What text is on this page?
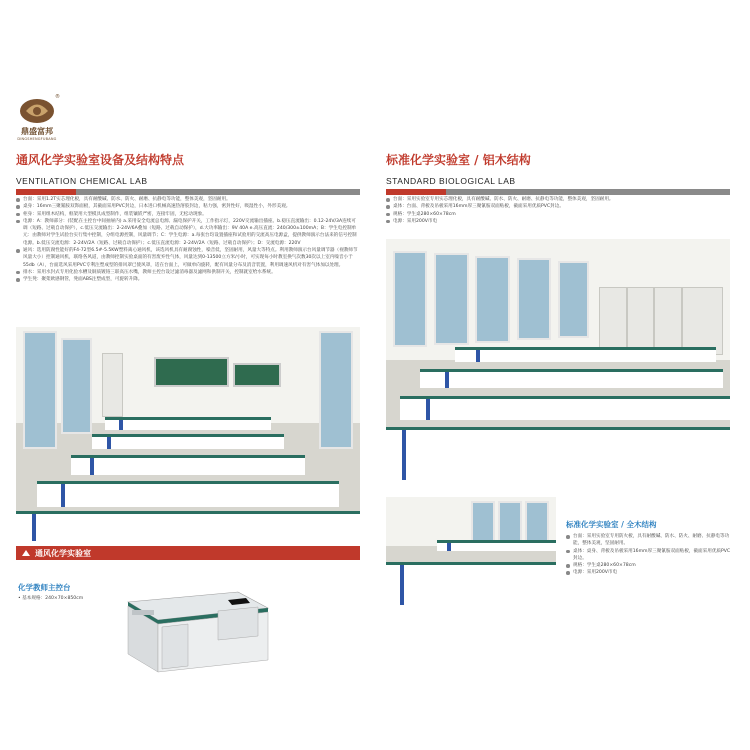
®
鼎盛富邦
DINGSHENGFUBANG
通风化学实验室设备及结构特点
VENTILATION CHEMICAL LAB
台面：采用1.2T实芯理化板，具有耐酸碱、防水、防火、耐磨、抗静电等功能，整体美观，坚固耐用。
桌身：16mm三聚氰胺双饰面板，其截面采用PVC封边，日本进口机械高速热溶胶封边，粘力强，密封性好，吸湿性小，外形美观。
柜身：采用组木结构，框架用大型模具成型制作，组装镶嵌严密，连接牢固，无松动现象。
电源：A：教师部分：(装配在主控台中间抽屉内) a.采用安全电流总电源、漏电保护开关，工作指示灯，220V交流输出插座。b.稳压直流输出：0.12-24V/3A连续可调（短路、过载自动保护），c.低压交流输出：2-24V/6A叠加（短路、过载自动保护），d.大功率输出：9V 40A e.高压直流：240/300±100mA；B：学生电控制单元：由教师对学生试验台实行集中控制，分组电源控制，风量调节；C：学生电源：a.每张台均设置插座和试验用的交流高压电源盒，提供教师演示台法来的信号控制电源。b.低压交流电源：2-24V/2A（短路、过载自动保护）；c.低压直流电源：2-24V/2A（短路、过载自动保护）；D：交流电源：220V
通风：选用防腐性能好的F4-72型6.5#-5.5KW塑料离心通风机，该选风机具有耐腐蚀性，噪音低，坚固耐用，风量大等特点。利用教师演示台风量调节器（视教师节风量大小）控制通风机，联络各风道，由教师控制实验桌面的有害废弃性气体，风量达到0-13500立方米/小时，可实现每小时教室换气次数30次以上室内噪音小于55db（A），台面选风采用PVC专利注塑成型的排风罩已使风罩，适在台面上，可做单向旋转，配有风量分布及消音装置，利用调速风机对有害气体加以处理。
排水：采用水封式专用化验水槽及铜质镀铬三联高压水嘴，教师主控台设过滤消毒器及滤网和供制开关，控制就室给水系统。
学生凳：聚架欧感钢管，凳面ABS注塑成型，可旋转升降。
通风化学实验室
化学教师主控台
• 基本规格：240×70×850cm
标准化学实验室 / 铝木结构
STANDARD BIOLOGICAL LAB
台面：采用实验室专用实芯理化板，具有耐酸碱、防水、防火、耐磨、抗静电等功能，整体美观，坚固耐用。
桌体：台面、背板及吊板采用16mm厚三聚氰胺双面贴板，截面采用优质PVC封边。
规格：学生桌280×60×78cm
电源：采用200V市电
标准化学实验室 / 全木结构
台面：采用实验室专用防火板，具有耐酸碱、防水、防火、耐磨、抗静电等功能，整体美观，坚固耐用。
桌体：桌身、背板及吊板采用16mm厚三聚氰胺双面贴板，截面采用优质PVC封边。
规格：学生桌280×60×78cm
电源：采用200V市电
